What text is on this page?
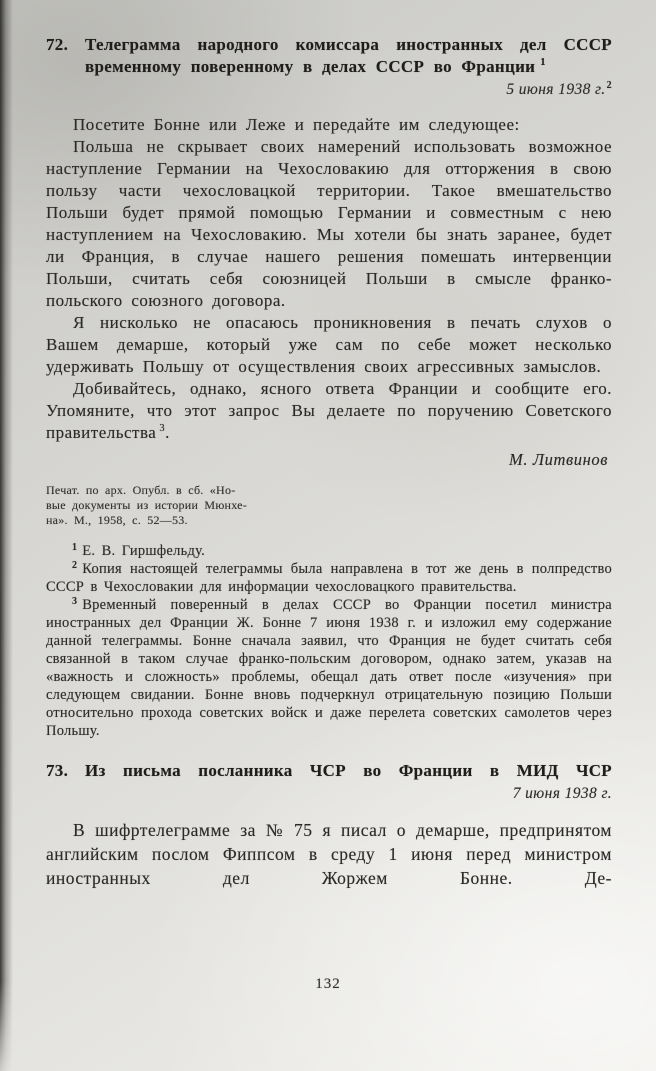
72. Телеграмма народного комиссара иностранных дел СССР временному поверенному в делах СССР во Франции $^1$
5 июня 1938 г.$^2$

Посетите Бонне или Леже и передайте им следующее:

Польша не скрывает своих намерений использовать возможное наступление Германии на Чехословакию для отторжения в свою пользу части чехословацкой территории. Такое вмешательство Польши будет прямой помощью Германии и совместным с нею наступлением на Чехословакию. Мы хотели бы знать заранее, будет ли Франция, в случае нашего решения помешать интервенции Польши, считать себя союзницей Польши в смысле франко-польского союзного договора.

Я нисколько не опасаюсь проникновения в печать слухов о Вашем демарше, который уже сам по себе может несколько удерживать Польшу от осуществления своих агрессивных замыслов.

Добивайтесь, однако, ясного ответа Франции и сообщите его. Упомяните, что этот запрос Вы делаете по поручению Советского правительства $^3$.

М. Литвинов
Печат. по арх. Опубл. в сб. «Но-
вые документы из истории Мюнхе-
на». М., 1958, с. 52—53.

$^1$ Е. В. Гиршфельду.

$^2$ Копия настоящей телеграммы была направлена в тот же день в полпредство СССР в Чехословакии для информации чехословацкого правительства.

$^3$ Временный поверенный в делах СССР во Франции посетил министра иностранных дел Франции Ж. Бонне 7 июня 1938 г. и изложил ему содержание данной телеграммы. Бонне сначала заявил, что Франция не будет считать себя связанной в таком случае франко-польским договором, однако затем, указав на «важность и сложность» проблемы, обещал дать ответ после «изучения» при следующем свидании. Бонне вновь подчеркнул отрицательную позицию Польши относительно прохода советских войск и даже перелета советских самолетов через Польшу.

73. Из письма посланника ЧСР во Франции в МИД ЧСР
7 июня 1938 г.

В шифртелеграмме за № 75 я писал о демарше, предпринятом английским послом Фиппсом в среду 1 июня перед министром иностранных дел Жоржем Бонне. Де-

132
